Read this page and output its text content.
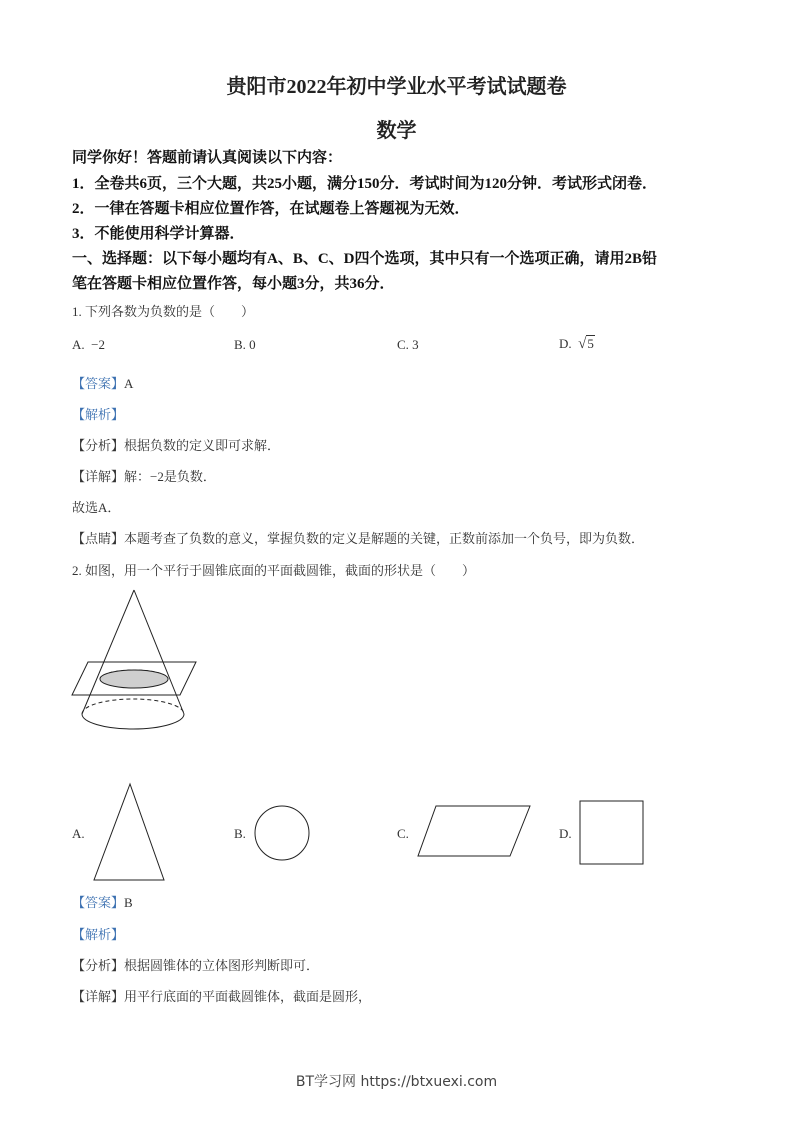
贵阳市2022年初中学业水平考试试题卷
数学
同学你好！答题前请认真阅读以下内容：
1．全卷共6页，三个大题，共25小题，满分150分．考试时间为120分钟．考试形式闭卷．
2．一律在答题卡相应位置作答，在试题卷上答题视为无效．
3．不能使用科学计算器．
一、选择题：以下每小题均有A、B、C、D四个选项，其中只有一个选项正确，请用2B铅
笔在答题卡相应位置作答，每小题3分，共36分．
1. 下列各数为负数的是（　　）
A. −2	B. 0	C. 3	D. √5
【答案】A
【解析】
【分析】根据负数的定义即可求解．
【详解】解：−2是负数．
故选A．
【点睛】本题考查了负数的意义，掌握负数的定义是解题的关键，正数前添加一个负号，即为负数．
2. 如图，用一个平行于圆锥底面的平面截圆锥，截面的形状是（　　）
A.	B.	C.	D.
【答案】B
【解析】
【分析】根据圆锥体的立体图形判断即可．
【详解】用平行底面的平面截圆锥体，截面是圆形，
BT学习网 https://btxuexi.com
